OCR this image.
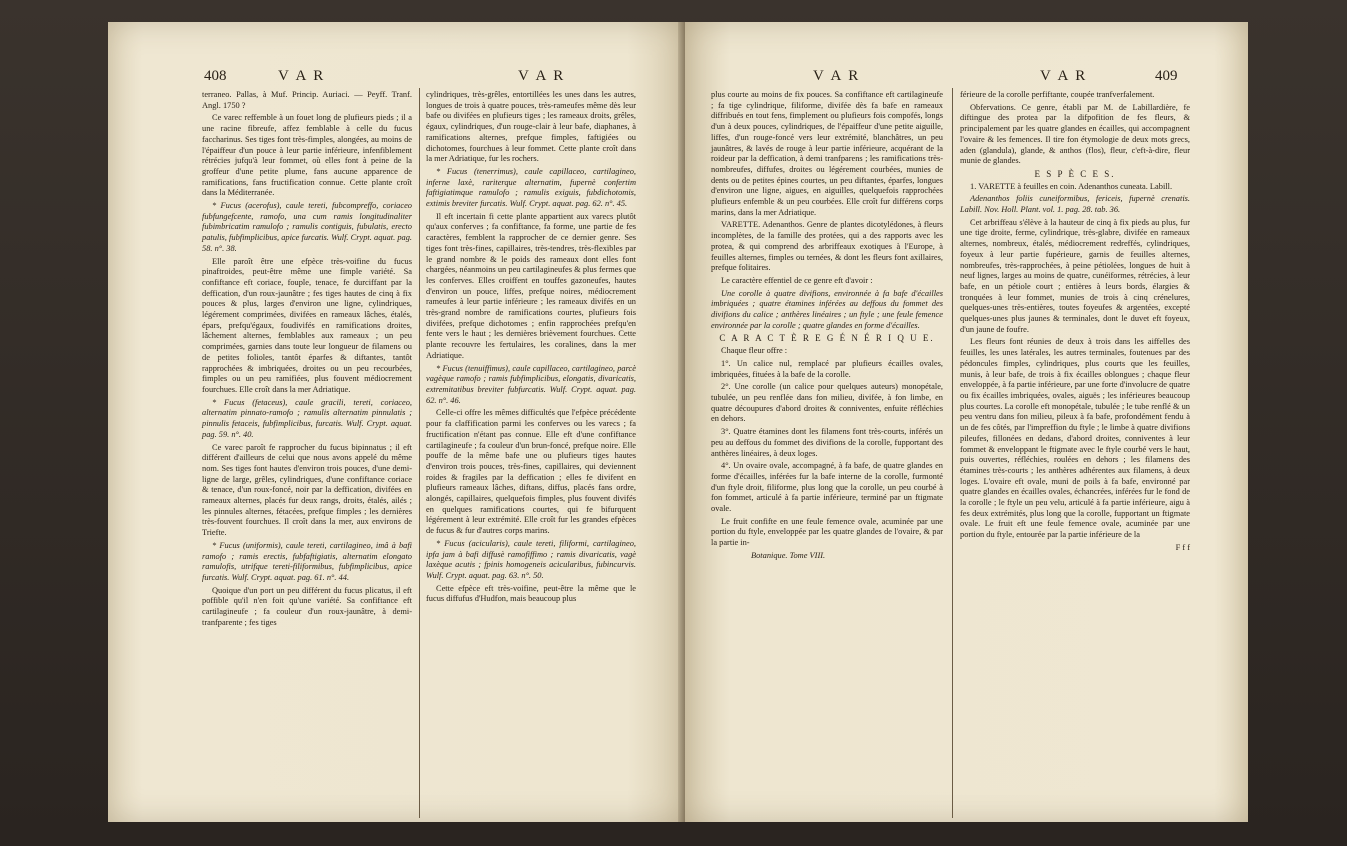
408	V A R	V A R

terraneo. Pallas, à Muf. Princip. Auriaci. — Peyff. Tranf. Angl. 1750 ?

Ce varec reffemble à un fouet long de plufieurs pieds ; il a une racine fibreufe, affez femblable à celle du fucus faccharinus. Ses tiges font très-fimples, alongées, au moins de l'épaiffeur d'un pouce à leur partie inférieure, infenfiblement rétrécies jufqu'à leur fommet, où elles font à peine de la groffeur d'une petite plume, fans aucune apparence de ramifications, fans fructification connue. Cette plante croît dans la Méditerranée.

* Fucus (acerofus), caule tereti, fubcompreffo, coriaceo fubfungefcente, ramofo, una cum ramis longitudinaliter fubimbricatim ramulofo ; ramulis contiguis, fubulatis, erecto patulis, fubfimplicibus, apice furcatis. Wulf. Crypt. aquat. pag. 58. n°. 38.

Elle paroît être une efpèce très-voifine du fucus pinaftroides, peut-être même une fimple variété. Sa confiftance eft coriace, fouple, tenace, fe durciffant par la deffication, d'un roux-jaunâtre ; fes tiges hautes de cinq à fix pouces & plus, larges d'environ une ligne, cylindriques, légérement comprimées, divifées en rameaux lâches, étalés, épars, prefqu'égaux, foudivifés en ramifications droites, lâchement alternes, femblables aux rameaux ; un peu comprimées, garnies dans toute leur longueur de filamens ou de petites folioles, tantôt éparfes & diftantes, tantôt rapprochées & imbriquées, droites ou un peu recourbées, fimples ou un peu ramifiées, plus fouvent médiocrement fourchues. Elle croît dans la mer Adriatique.

* Fucus (fetaceus), caule gracili, tereti, coriaceo, alternatim pinnato-ramofo ; ramulis alternatim pinnulatis ; pinnulis fetaceis, fubfimplicibus, furcatis. Wulf. Crypt. aquat. pag. 59. n°. 40.

Ce varec paroît fe rapprocher du fucus bipinnatus ; il eft différent d'ailleurs de celui que nous avons appelé du même nom. Ses tiges font hautes d'environ trois pouces, d'une demi-ligne de large, grêles, cylindriques, d'une confiftance coriace & tenace, d'un roux-foncé, noir par la deffication, divifées en rameaux alternes, placés fur deux rangs, droits, étalés, ailés ; les pinnules alternes, fétacées, prefque fimples ; les dernières très-fouvent fourchues. Il croît dans la mer, aux environs de Triefte.

* Fucus (uniformis), caule tereti, cartilagineo, imâ à bafi ramofo ; ramis erectis, fubfaftigiatis, alternatim elongato ramulofis, utrifque tereti-filiformibus, fubfimplicibus, apice furcatis. Wulf. Crypt. aquat. pag. 61. n°. 44.

Quoique d'un port un peu différent du fucus plicatus, il eft poffible qu'il n'en foit qu'une variété. Sa confiftance eft cartilagineufe ; fa couleur d'un roux-jaunâtre, à demi-tranfparente ; fes tiges

cylindriques, très-grêles, entortillées les unes dans les autres, longues de trois à quatre pouces, très-rameufes même dès leur bafe ou divifées en plufieurs tiges ; les rameaux droits, grêles, égaux, cylindriques, d'un rouge-clair à leur bafe, diaphanes, à ramifications alternes, prefque fimples, faftigiées ou dichotomes, fourchues à leur fommet. Cette plante croît dans la mer Adriatique, fur les rochers.

* Fucus (tenerrimus), caule capillaceo, cartilagineo, inferne laxè, rariterque alternatim, fupernè confertim faftigiatimque ramulofo ; ramulis exiguis, fubdichotomis, extimis breviter furcatis. Wulf. Crypt. aquat. pag. 62. n°. 45.

Il eft incertain fi cette plante appartient aux varecs plutôt qu'aux conferves ; fa confiftance, fa forme, une partie de fes caractères, femblent la rapprocher de ce dernier genre. Ses tiges font très-fines, capillaires, très-tendres, très-flexibles par le grand nombre & le poids des rameaux dont elles font chargées, néanmoins un peu cartilagineufes & plus fermes que les conferves. Elles croiffent en touffes gazoneufes, hautes d'environ un pouce, liffes, prefque noires, médiocrement rameufes à leur partie inférieure ; les rameaux divifés en un très-grand nombre de ramifications courtes, plufieurs fois divifées, prefque dichotomes ; enfin rapprochées prefqu'en fente vers le haut ; les dernières brièvement fourchues. Cette plante recouvre les fertulaires, les coralines, dans la mer Adriatique.

* Fucus (tenuiffimus), caule capillaceo, cartilagineo, parcè vagèque ramofo ; ramis fubfimplicibus, elongatis, divaricatis, extremitatibus breviter fubfurcatis. Wulf. Crypt. aquat. pag. 62. n°. 46.

Celle-ci offre les mêmes difficultés que l'efpèce précédente pour fa claffification parmi les conferves ou les varecs ; fa fructification n'étant pas connue. Elle eft d'une confiftance cartilagineufe ; fa couleur d'un brun-foncé, prefque noire. Elle pouffe de la même bafe une ou plufieurs tiges hautes d'environ trois pouces, très-fines, capillaires, qui deviennent roides & fragiles par la deffication ; elles fe divifent en plufieurs rameaux lâches, diftans, diffus, placés fans ordre, alongés, capillaires, quelquefois fimples, plus fouvent divifés en quelques ramifications courtes, qui fe bifurquent légérement à leur extrémité. Elle croît fur les grandes efpèces de fucus & fur d'autres corps marins.

* Fucus (acicularis), caule tereti, filiformi, cartilagineo, ipfa jam à bafi diffusè ramofiffimo ; ramis divaricatis, vagè laxèque acutis ; fpinis homogeneis acicularibus, fubincurvis. Wulf. Crypt. aquat. pag. 63. n°. 50.

Cette efpèce eft très-voifine, peut-être la même que le fucus diffufus d'Hudfon, mais beaucoup plus

V A R	V A R	409

plus courte au moins de fix pouces. Sa confiftance eft cartilagineufe ; fa tige cylindrique, filiforme, divifée dès fa bafe en rameaux diffribués en tout fens, fimplement ou plufieurs fois compofés, longs d'un à deux pouces, cylindriques, de l'épaiffeur d'une petite aiguille, liffes, d'un rouge-foncé vers leur extrémité, blanchâtres, un peu jaunâtres, & lavés de rouge à leur partie inférieure, acquérant de la roideur par la deffication, à demi tranfparens ; les ramifications très-nombreufes, diffufes, droites ou légérement courbées, munies de dents ou de petites épines courtes, un peu diftantes, éparfes, longues d'environ une ligne, aigues, en aiguilles, quelquefois rapprochées plufieurs enfemble & un peu courbées. Elle croît fur différens corps marins, dans la mer Adriatique.

VARETTE. Adenanthos. Genre de plantes dicotylédones, à fleurs incomplètes, de la famille des protées, qui a des rapports avec les protea, & qui comprend des arbriffeaux exotiques à l'Europe, à feuilles alternes, fimples ou ternées, & dont les fleurs font axillaires, prefque folitaires.

Le caractère effentiel de ce genre eft d'avoir :

Une corolle à quatre divifions, environnée à fa bafe d'écailles imbriquées ; quatre étamines inférées au deffous du fommet des divifions du calice ; anthères linéaires ; un ftyle ; une feule femence environnée par la corolle ; quatre glandes en forme d'écailles.

C A R A C T È R E G É N É R I Q U E.

Chaque fleur offre :

1°. Un calice nul, remplacé par plufieurs écailles ovales, imbriquées, fituées à la bafe de la corolle.

2°. Une corolle (un calice pour quelques auteurs) monopétale, tubulée, un peu renflée dans fon milieu, divifée, à fon limbe, en quatre découpures d'abord droites & conniventes, enfuite réfléchies en dehors.

3°. Quatre étamines dont les filamens font très-courts, inférés un peu au deffous du fommet des divifions de la corolle, fupportant des anthères linéaires, à deux loges.

4°. Un ovaire ovale, accompagné, à fa bafe, de quatre glandes en forme d'écailles, inférées fur la bafe interne de la corolle, furmonté d'un ftyle droit, filiforme, plus long que la corolle, un peu courbé à fon fommet, articulé à fa partie inférieure, terminé par un ftigmate ovale.

Le fruit confifte en une feule femence ovale, acuminée par une portion du ftyle, enveloppée par les quatre glandes de l'ovaire, & par la partie in-

Botanique. Tome VIII.

férieure de la corolle perfiftante, coupée tranfverfalement.

Obfervations. Ce genre, établi par M. de Labillardière, fe diftingue des protea par la difpofition de fes fleurs, & principalement par les quatre glandes en écailles, qui accompagnent l'ovaire & les femences. Il tire fon étymologie de deux mots grecs, aden (glandula), glande, & anthos (flos), fleur, c'eft-à-dire, fleur munie de glandes.

E S P È C E S.

1. VARETTE à feuilles en coin. Adenanthos cuneata. Labill.

Adenanthos foliis cuneiformibus, fericeis, fupernè crenatis. Labill. Nov. Holl. Plant. vol. 1. pag. 28. tab. 36.

Cet arbriffeau s'élève à la hauteur de cinq à fix pieds au plus, fur une tige droite, ferme, cylindrique, très-glabre, divifée en rameaux alternes, nombreux, étalés, médiocrement redreffés, cylindriques, foyeux à leur partie fupérieure, garnis de feuilles alternes, nombreufes, très-rapprochées, à peine pétiolées, longues de huit à neuf lignes, larges au moins de quatre, cunéiformes, rétrécies, à leur bafe, en un pétiole court ; entières à leurs bords, élargies & tronquées à leur fommet, munies de trois à cinq crénelures, quelques-unes très-entières, toutes foyeufes & argentées, excepté quelques-unes plus jaunes & terminales, dont le duvet eft foyeux, d'un jaune de foufre.

Les fleurs font réunies de deux à trois dans les aiffelles des feuilles, les unes latérales, les autres terminales, foutenues par des pédoncules fimples, cylindriques, plus courts que les feuilles, munis, à leur bafe, de trois à fix écailles oblongues ; chaque fleur enveloppée, à fa partie inférieure, par une forte d'involucre de quatre ou fix écailles imbriquées, ovales, aiguës ; les inférieures beaucoup plus courtes. La corolle eft monopétale, tubulée ; le tube renflé & un peu ventru dans fon milieu, pileux à fa bafe, profondément fendu à un de fes côtés, par l'impreffion du ftyle ; le limbe à quatre divifions pileufes, fillonées en dedans, d'abord droites, conniventes à leur fommet & enveloppant le ftigmate avec le ftyle courbé vers le haut, puis ouvertes, réfléchies, roulées en dehors ; les filamens des étamines très-courts ; les anthères adhérentes aux filamens, à deux loges. L'ovaire eft ovale, muni de poils à fa bafe, environné par quatre glandes en écailles ovales, échancrées, inférées fur le fond de la corolle ; le ftyle un peu velu, articulé à fa partie inférieure, aigu à fes deux extrémités, plus long que la corolle, fupportant un ftigmate ovale. Le fruit eft une feule femence ovale, acuminée par une portion du ftyle, entourée par la partie inférieure de la

F f f
